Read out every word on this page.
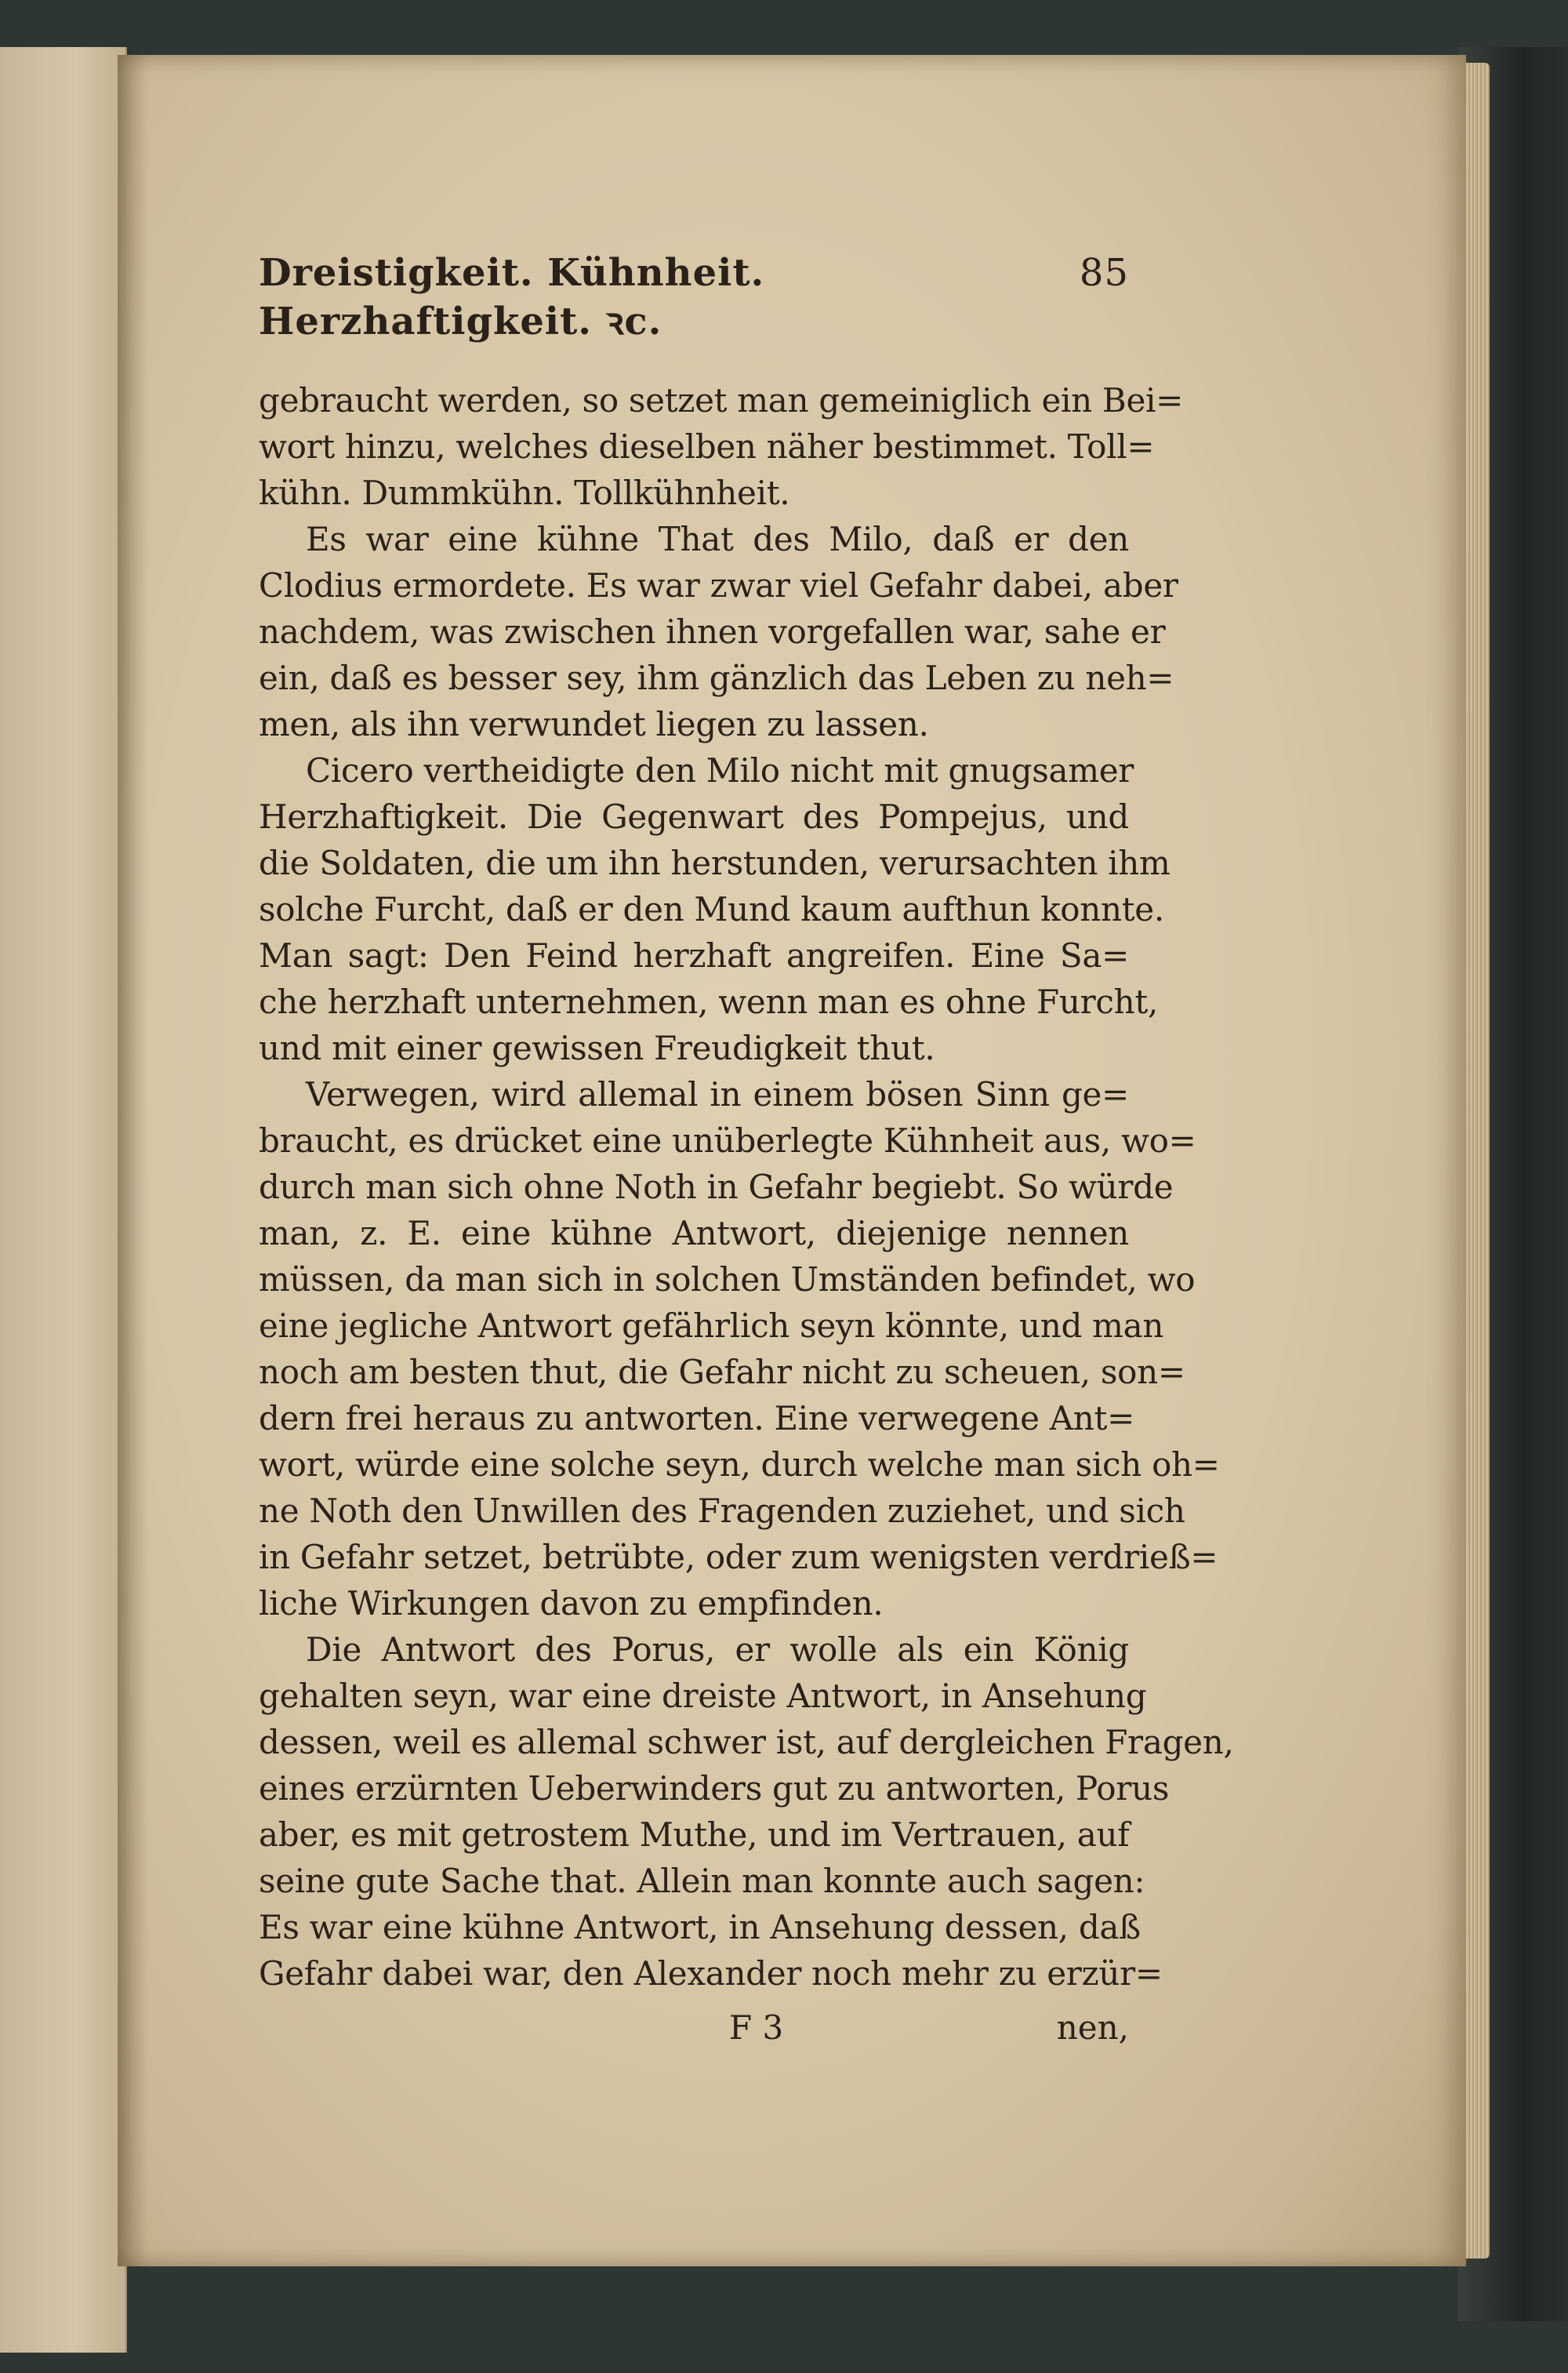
Dreistigkeit. Kühnheit. Herzhaftigkeit. ꝛc.
85
gebraucht werden, so setzet man gemeiniglich ein Bei=
wort hinzu, welches dieselben näher bestimmet. Toll=
kühn. Dummkühn. Tollkühnheit.
Es war eine kühne That des Milo, daß er den
Clodius ermordete. Es war zwar viel Gefahr dabei, aber
nachdem, was zwischen ihnen vorgefallen war, sahe er
ein, daß es besser sey, ihm gänzlich das Leben zu neh=
men, als ihn verwundet liegen zu lassen.
Cicero vertheidigte den Milo nicht mit gnugsamer
Herzhaftigkeit. Die Gegenwart des Pompejus, und
die Soldaten, die um ihn herstunden, verursachten ihm
solche Furcht, daß er den Mund kaum aufthun konnte.
Man sagt: Den Feind herzhaft angreifen. Eine Sa=
che herzhaft unternehmen, wenn man es ohne Furcht,
und mit einer gewissen Freudigkeit thut.
Verwegen, wird allemal in einem bösen Sinn ge=
braucht, es drücket eine unüberlegte Kühnheit aus, wo=
durch man sich ohne Noth in Gefahr begiebt. So würde
man, z. E. eine kühne Antwort, diejenige nennen
müssen, da man sich in solchen Umständen befindet, wo
eine jegliche Antwort gefährlich seyn könnte, und man
noch am besten thut, die Gefahr nicht zu scheuen, son=
dern frei heraus zu antworten. Eine verwegene Ant=
wort, würde eine solche seyn, durch welche man sich oh=
ne Noth den Unwillen des Fragenden zuziehet, und sich
in Gefahr setzet, betrübte, oder zum wenigsten verdrieß=
liche Wirkungen davon zu empfinden.
Die Antwort des Porus, er wolle als ein König
gehalten seyn, war eine dreiste Antwort, in Ansehung
dessen, weil es allemal schwer ist, auf dergleichen Fragen,
eines erzürnten Ueberwinders gut zu antworten, Porus
aber, es mit getrostem Muthe, und im Vertrauen, auf
seine gute Sache that. Allein man konnte auch sagen:
Es war eine kühne Antwort, in Ansehung dessen, daß
Gefahr dabei war, den Alexander noch mehr zu erzür=
F 3	nen,
